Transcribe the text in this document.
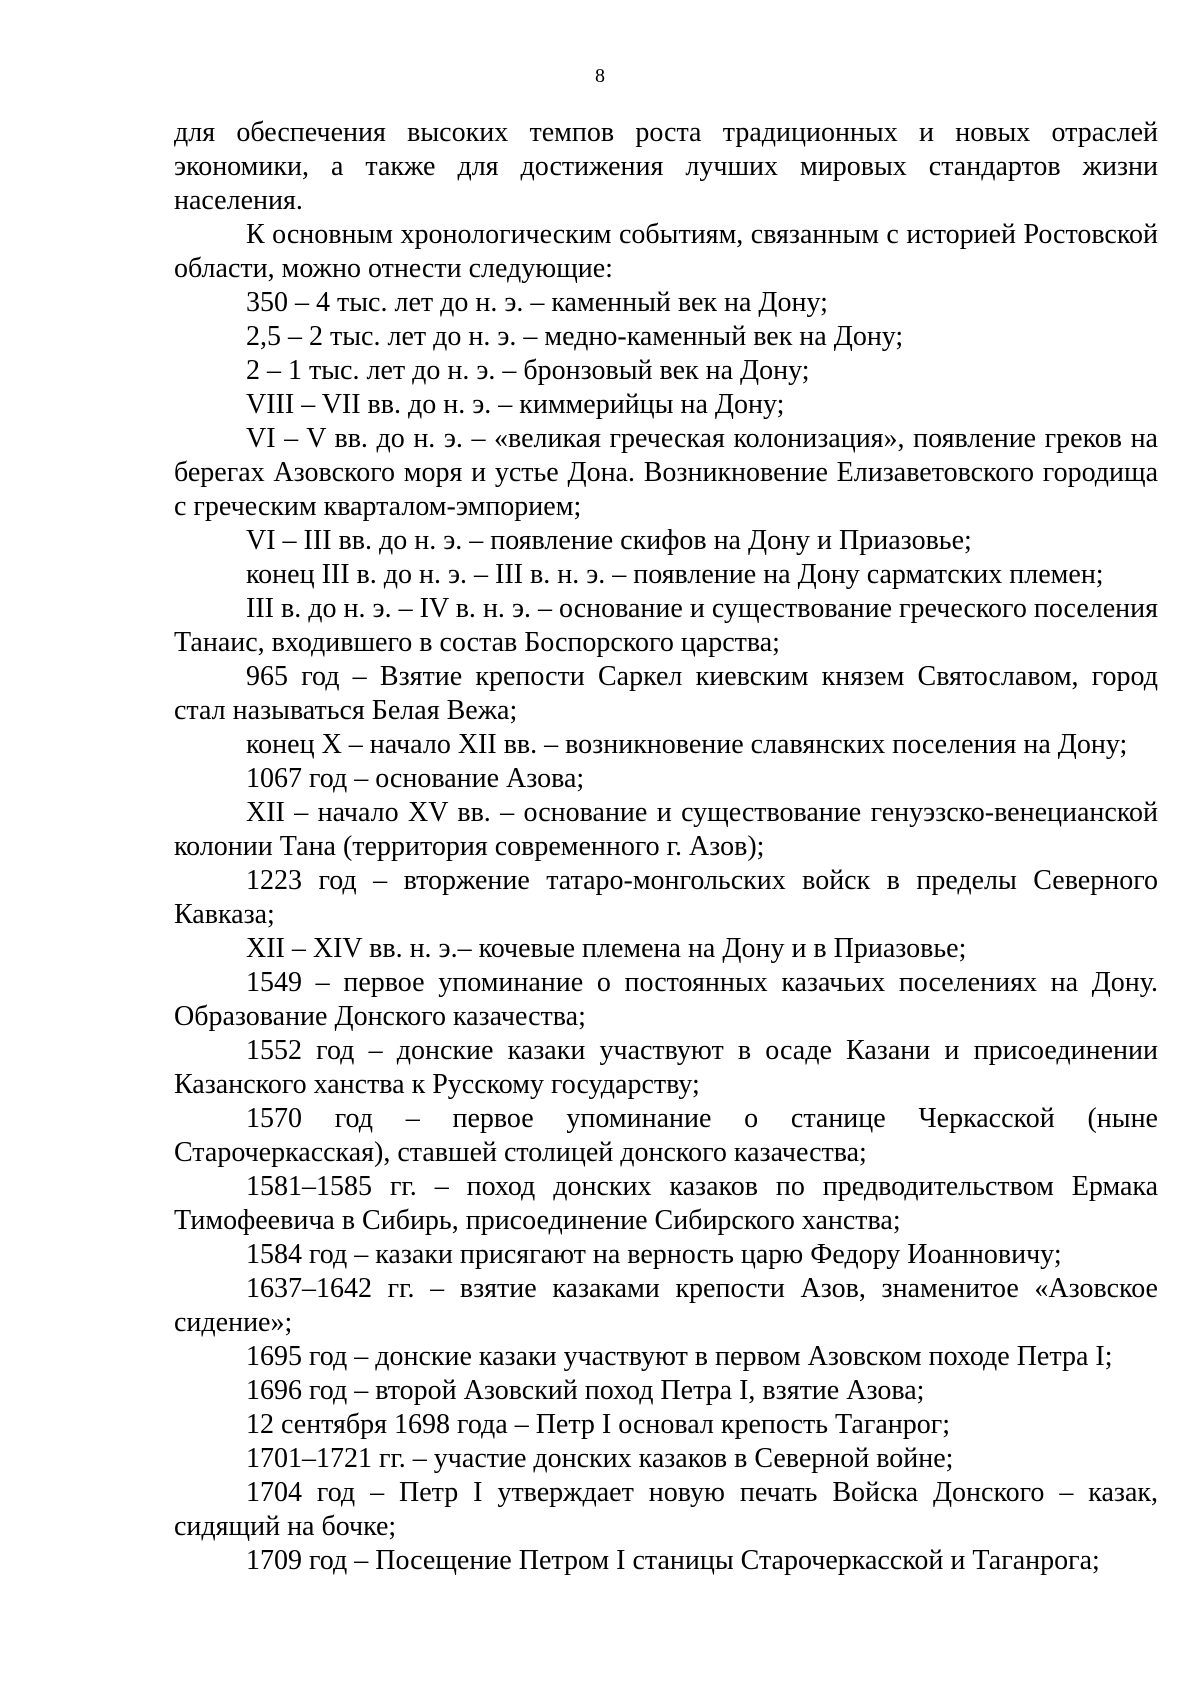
8

для обеспечения высоких темпов роста традиционных и новых отраслей экономики, а также для достижения лучших мировых стандартов жизни населения.

К основным хронологическим событиям, связанным с историей Ростовской области, можно отнести следующие:

350 – 4 тыс. лет до н. э. – каменный век на Дону;

2,5 – 2 тыс. лет до н. э. – медно-каменный век на Дону;

2 – 1 тыс. лет до н. э. – бронзовый век на Дону;

VIII – VII вв. до н. э. – киммерийцы на Дону;

VI – V вв. до н. э. – «великая греческая колонизация», появление греков на берегах Азовского моря и устье Дона. Возникновение Елизаветовского городища с греческим кварталом-эмпорием;

VI – III вв. до н. э. – появление скифов на Дону и Приазовье;

конец III в. до н. э. – III в. н. э. – появление на Дону сарматских племен;

III в. до н. э. – IV в. н. э. – основание и существование греческого поселения Танаис, входившего в состав Боспорского царства;

965 год – Взятие крепости Саркел киевским князем Святославом, город стал называться Белая Вежа;

конец X – начало XII вв. – возникновение славянских поселения на Дону;

1067 год – основание Азова;

XII – начало XV вв. – основание и существование генуэзско-венецианской колонии Тана (территория современного г. Азов);

1223 год – вторжение татаро-монгольских войск в пределы Северного Кавказа;

XII – XIV вв. н. э.– кочевые племена на Дону и в Приазовье;

1549 – первое упоминание о постоянных казачьих поселениях на Дону. Образование Донского казачества;

1552 год – донские казаки участвуют в осаде Казани и присоединении Казанского ханства к Русскому государству;

1570 год – первое упоминание о станице Черкасской (ныне Старочеркасская), ставшей столицей донского казачества;

1581–1585 гг. – поход донских казаков по предводительством Ермака Тимофеевича в Сибирь, присоединение Сибирского ханства;

1584 год – казаки присягают на верность царю Федору Иоанновичу;

1637–1642 гг. – взятие казаками крепости Азов, знаменитое «Азовское сидение»;

1695 год – донские казаки участвуют в первом Азовском походе Петра I;

1696 год – второй Азовский поход Петра I, взятие Азова;

12 сентября 1698 года – Петр I основал крепость Таганрог;

1701–1721 гг. – участие донских казаков в Северной войне;

1704 год – Петр I утверждает новую печать Войска Донского – казак, сидящий на бочке;

1709 год – Посещение Петром I станицы Старочеркасской и Таганрога;
